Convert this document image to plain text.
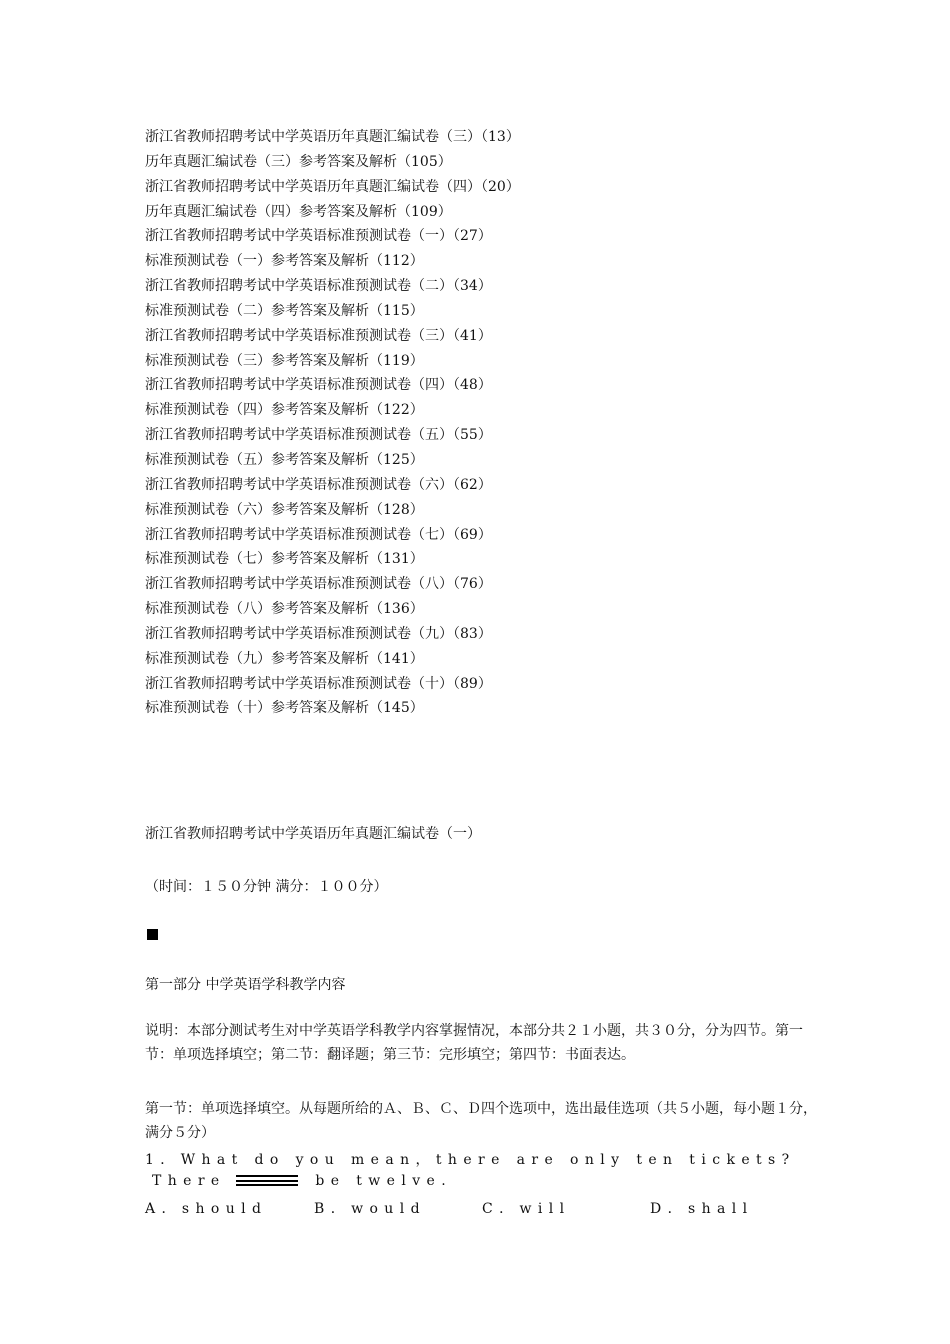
浙江省教师招聘考试中学英语历年真题汇编试卷（三）（13）
历年真题汇编试卷（三）参考答案及解析（105）
浙江省教师招聘考试中学英语历年真题汇编试卷（四）（20）
历年真题汇编试卷（四）参考答案及解析（109）
浙江省教师招聘考试中学英语标准预测试卷（一）（27）
标准预测试卷（一）参考答案及解析（112）
浙江省教师招聘考试中学英语标准预测试卷（二）（34）
标准预测试卷（二）参考答案及解析（115）
浙江省教师招聘考试中学英语标准预测试卷（三）（41）
标准预测试卷（三）参考答案及解析（119）
浙江省教师招聘考试中学英语标准预测试卷（四）（48）
标准预测试卷（四）参考答案及解析（122）
浙江省教师招聘考试中学英语标准预测试卷（五）（55）
标准预测试卷（五）参考答案及解析（125）
浙江省教师招聘考试中学英语标准预测试卷（六）（62）
标准预测试卷（六）参考答案及解析（128）
浙江省教师招聘考试中学英语标准预测试卷（七）（69）
标准预测试卷（七）参考答案及解析（131）
浙江省教师招聘考试中学英语标准预测试卷（八）（76）
标准预测试卷（八）参考答案及解析（136）
浙江省教师招聘考试中学英语标准预测试卷（九）（83）
标准预测试卷（九）参考答案及解析（141）
浙江省教师招聘考试中学英语标准预测试卷（十）（89）
标准预测试卷（十）参考答案及解析（145）
浙江省教师招聘考试中学英语历年真题汇编试卷（一）
（时间：１５０分钟 满分：１００分）
第一部分 中学英语学科教学内容
说明：本部分测试考生对中学英语学科教学内容掌握情况，本部分共２１小题，共３０分，分为四节。第一节：单项选择填空；第二节：翻译题；第三节：完形填空；第四节：书面表达。
第一节：单项选择填空。从每题所给的Ａ、Ｂ、Ｃ、Ｄ四个选项中，选出最佳选项（共５小题，每小题１分，满分５分）
1．What do you mean，there are only ten tickets?
There	be twelve.
A．should	B．would	C．will	D．shall
